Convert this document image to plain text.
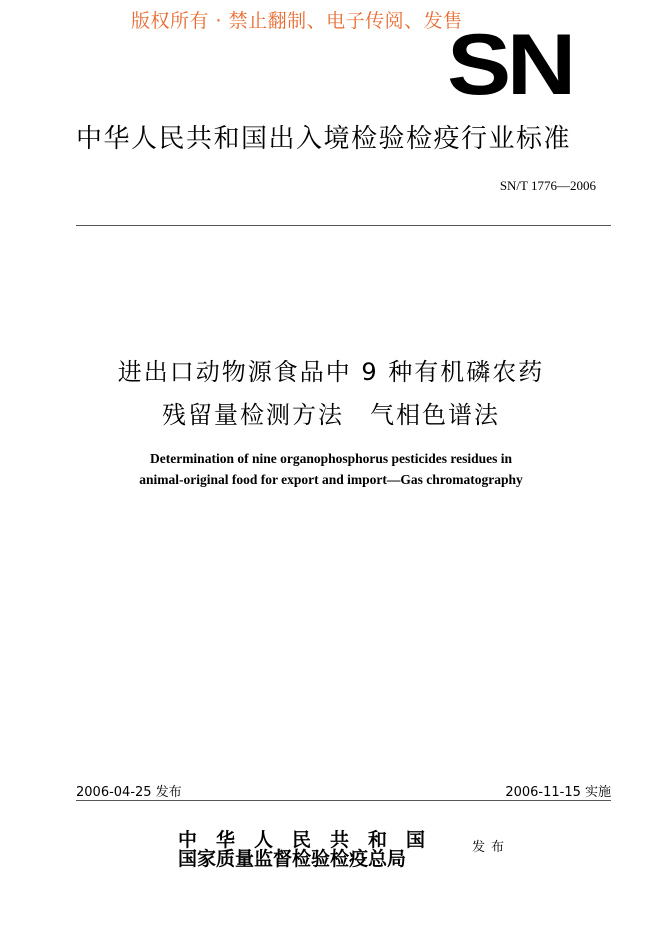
版权所有 · 禁止翻制、电子传阅、发售
SN
中华人民共和国出入境检验检疫行业标准
SN/T 1776—2006
进出口动物源食品中 9 种有机磷农药
残留量检测方法　气相色谱法
Determination of nine organophosphorus pesticides residues in
animal-original food for export and import—Gas chromatography
2006-04-25 发布	2006-11-15 实施
中华人民共和国
国家质量监督检验检疫总局
发布
